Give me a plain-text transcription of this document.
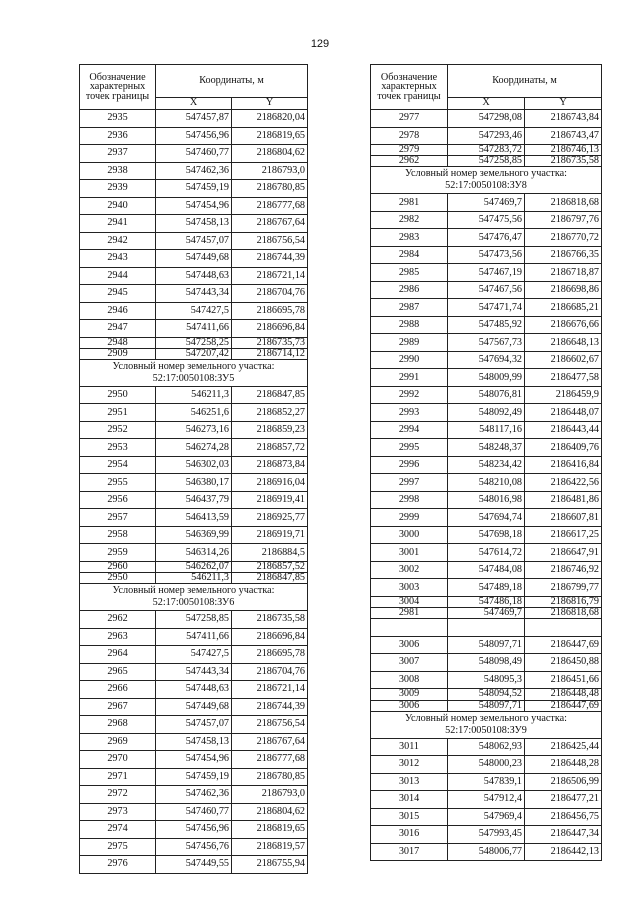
129
Обозначение характерных точек границы	Координаты, м	
	X	Y
2935	547457,87	2186820,04
2936	547456,96	2186819,65
2937	547460,77	2186804,62
2938	547462,36	2186793,0
2939	547459,19	2186780,85
2940	547454,96	2186777,68
2941	547458,13	2186767,64
2942	547457,07	2186756,54
2943	547449,68	2186744,39
2944	547448,63	2186721,14
2945	547443,34	2186704,76
2946	547427,5	2186695,78
2947	547411,66	2186696,84
2948	547258,25	2186735,73
2909	547207,42	2186714,12
Условный номер земельного участка: 52:17:0050108:ЗУ5		
2950	546211,3	2186847,85
2951	546251,6	2186852,27
2952	546273,16	2186859,23
2953	546274,28	2186857,72
2954	546302,03	2186873,84
2955	546380,17	2186916,04
2956	546437,79	2186919,41
2957	546413,59	2186925,77
2958	546369,99	2186919,71
2959	546314,26	2186884,5
2960	546262,07	2186857,52
2950	546211,3	2186847,85
Условный номер земельного участка: 52:17:0050108:ЗУ6		
2962	547258,85	2186735,58
2963	547411,66	2186696,84
2964	547427,5	2186695,78
2965	547443,34	2186704,76
2966	547448,63	2186721,14
2967	547449,68	2186744,39
2968	547457,07	2186756,54
2969	547458,13	2186767,64
2970	547454,96	2186777,68
2971	547459,19	2186780,85
2972	547462,36	2186793,0
2973	547460,77	2186804,62
2974	547456,96	2186819,65
2975	547456,76	2186819,57
2976	547449,55	2186755,94
Обозначение характерных точек границы	Координаты, м	
	X	Y
2977	547298,08	2186743,84
2978	547293,46	2186743,47
2979	547283,72	2186746,13
2962	547258,85	2186735,58
Условный номер земельного участка: 52:17:0050108:ЗУ8		
2981	547469,7	2186818,68
2982	547475,56	2186797,76
2983	547476,47	2186770,72
2984	547473,56	2186766,35
2985	547467,19	2186718,87
2986	547467,56	2186698,86
2987	547471,74	2186685,21
2988	547485,92	2186676,66
2989	547567,73	2186648,13
2990	547694,32	2186602,67
2991	548009,99	2186477,58
2992	548076,81	2186459,9
2993	548092,49	2186448,07
2994	548117,16	2186443,44
2995	548248,37	2186409,76
2996	548234,42	2186416,84
2997	548210,08	2186422,56
2998	548016,98	2186481,86
2999	547694,74	2186607,81
3000	547698,18	2186617,25
3001	547614,72	2186647,91
3002	547484,08	2186746,92
3003	547489,18	2186799,77
3004	547486,18	2186816,79
2981	547469,7	2186818,68

3006	548097,71	2186447,69
3007	548098,49	2186450,88
3008	548095,3	2186451,66
3009	548094,52	2186448,48
3006	548097,71	2186447,69
Условный номер земельного участка: 52:17:0050108:ЗУ9		
3011	548062,93	2186425,44
3012	548000,23	2186448,28
3013	547839,1	2186506,99
3014	547912,4	2186477,21
3015	547969,4	2186456,75
3016	547993,45	2186447,34
3017	548006,77	2186442,13
